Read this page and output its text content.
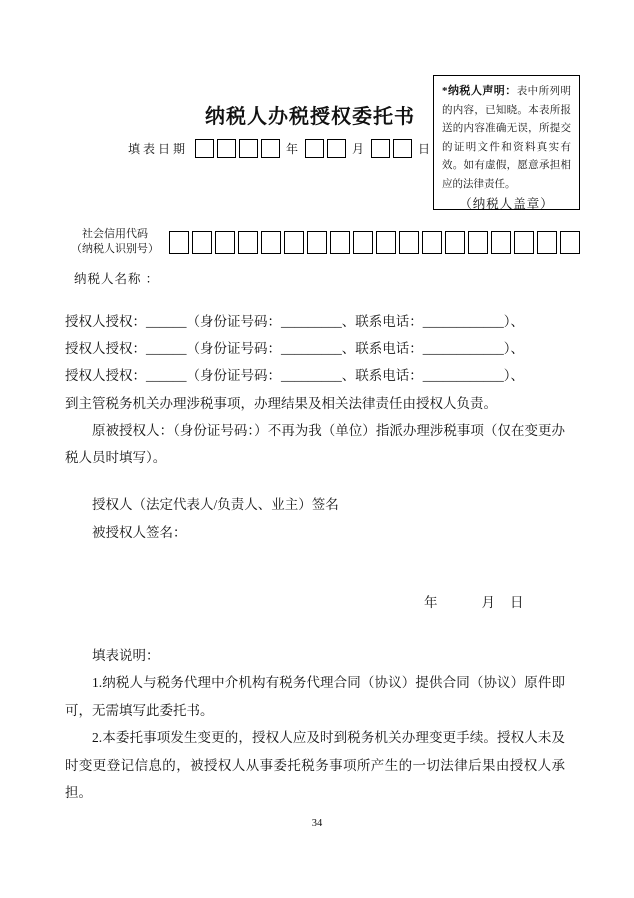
纳税人办税授权委托书
*纳税人声明：表中所列明的内容，已知晓。本表所报送的内容准确无误，所提交的证明文件和资料真实有效。如有虚假，愿意承担相应的法律责任。
（纳税人盖章）
填表日期	年	月	日
社会信用代码
（纳税人识别号）
纳税人名称 ：

授权人授权：______（身份证号码：_________、联系电话：____________）、

授权人授权：______（身份证号码：_________、联系电话：____________）、

授权人授权：______（身份证号码：_________、联系电话：____________）、

到主管税务机关办理涉税事项，办理结果及相关法律责任由授权人负责。

原被授权人：（身份证号码：）不再为我（单位）指派办理涉税事项（仅在变更办税人员时填写）。

授权人（法定代表人/负责人、业主）签名

被授权人签名：

年	月 日

填表说明：

1.纳税人与税务代理中介机构有税务代理合同（协议）提供合同（协议）原件即可，无需填写此委托书。

2.本委托事项发生变更的，授权人应及时到税务机关办理变更手续。授权人未及时变更登记信息的，被授权人从事委托税务事项所产生的一切法律后果由授权人承担。

34
